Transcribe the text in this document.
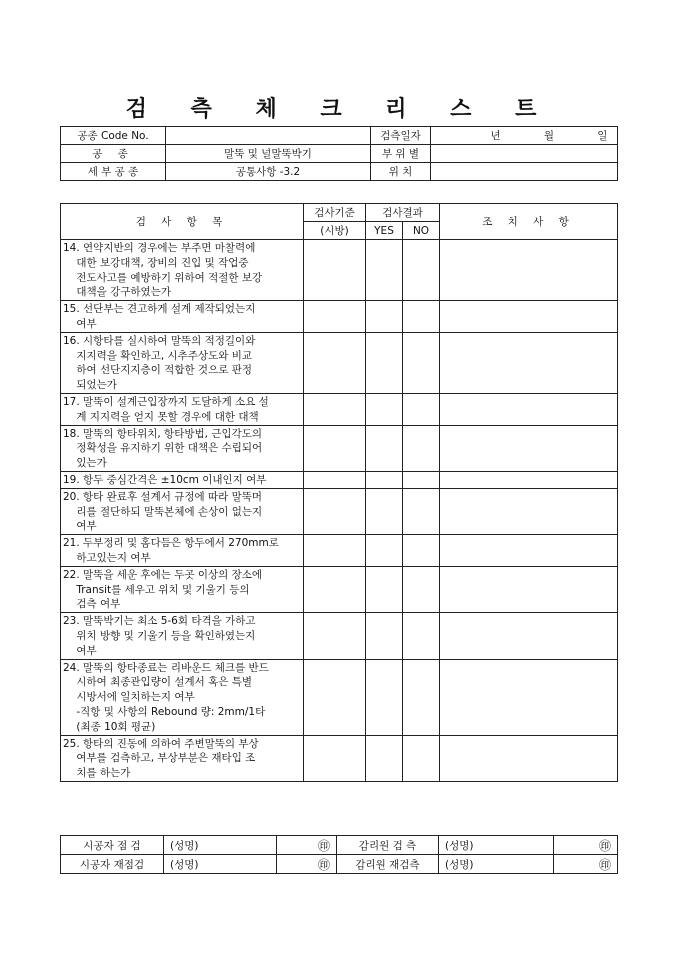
검 측 체 크 리 스 트
공종 Code No.		검측일자	년 월 일
공 종	말뚝 및 널말뚝박기	부 위 별	
세 부 공 종	공통사항 -3.2	위 치	
검 사 항 목	검사기준	검사결과		조 치 사 항
	(시방)	YES	NO	

14. 연약지반의 경우에는 부주면 마찰력에
대한 보강대책, 장비의 진입 및 작업중
전도사고를 예방하기 위하여 적절한 보강
대책을 강구하였는가				

15. 선단부는 견고하게 설계 제작되었는지
여부				

16. 시항타를 실시하여 말뚝의 적정길이와
지지력을 확인하고, 시추주상도와 비교
하여 선단지지층이 적합한 것으로 판정
되었는가				

17. 말뚝이 설계근입장까지 도달하게 소요 설
계 지지력을 얻지 못할 경우에 대한 대책				

18. 말뚝의 항타위치, 항타방법, 근입각도의
정확성을 유지하기 위한 대책은 수립되어
있는가				

19. 항두 중심간격은 ±10cm 이내인지 여부				

20. 항타 완료후 설계서 규정에 따라 말뚝머
리를 절단하되 말뚝본체에 손상이 없는지
여부				

21. 두부정리 및 홈다듬은 항두에서 270mm로
하고있는지 여부				

22. 말뚝을 세운 후에는 두곳 이상의 장소에
Transit를 세우고 위치 및 기울기 등의
검측 여부				

23. 말뚝박기는 최소 5-6회 타격을 가하고
위치 방향 및 기울기 등을 확인하였는지
여부				

24. 말뚝의 항타종료는 리바운드 체크를 반드
시하여 최종관입량이 설계서 혹은 특별
시방서에 일치하는지 여부
-직항 및 사항의 Rebound 량: 2mm/1타
(최종 10회 평균)				

25. 항타의 진동에 의하여 주변말뚝의 부상
여부를 검측하고, 부상부분은 재타입 조
치를 하는가				

시공자 점 검	(성명)	㊞	감리원 검 측	(성명)	㊞
시공자 재점검	(성명)	㊞	감리원 재검측	(성명)	㊞
